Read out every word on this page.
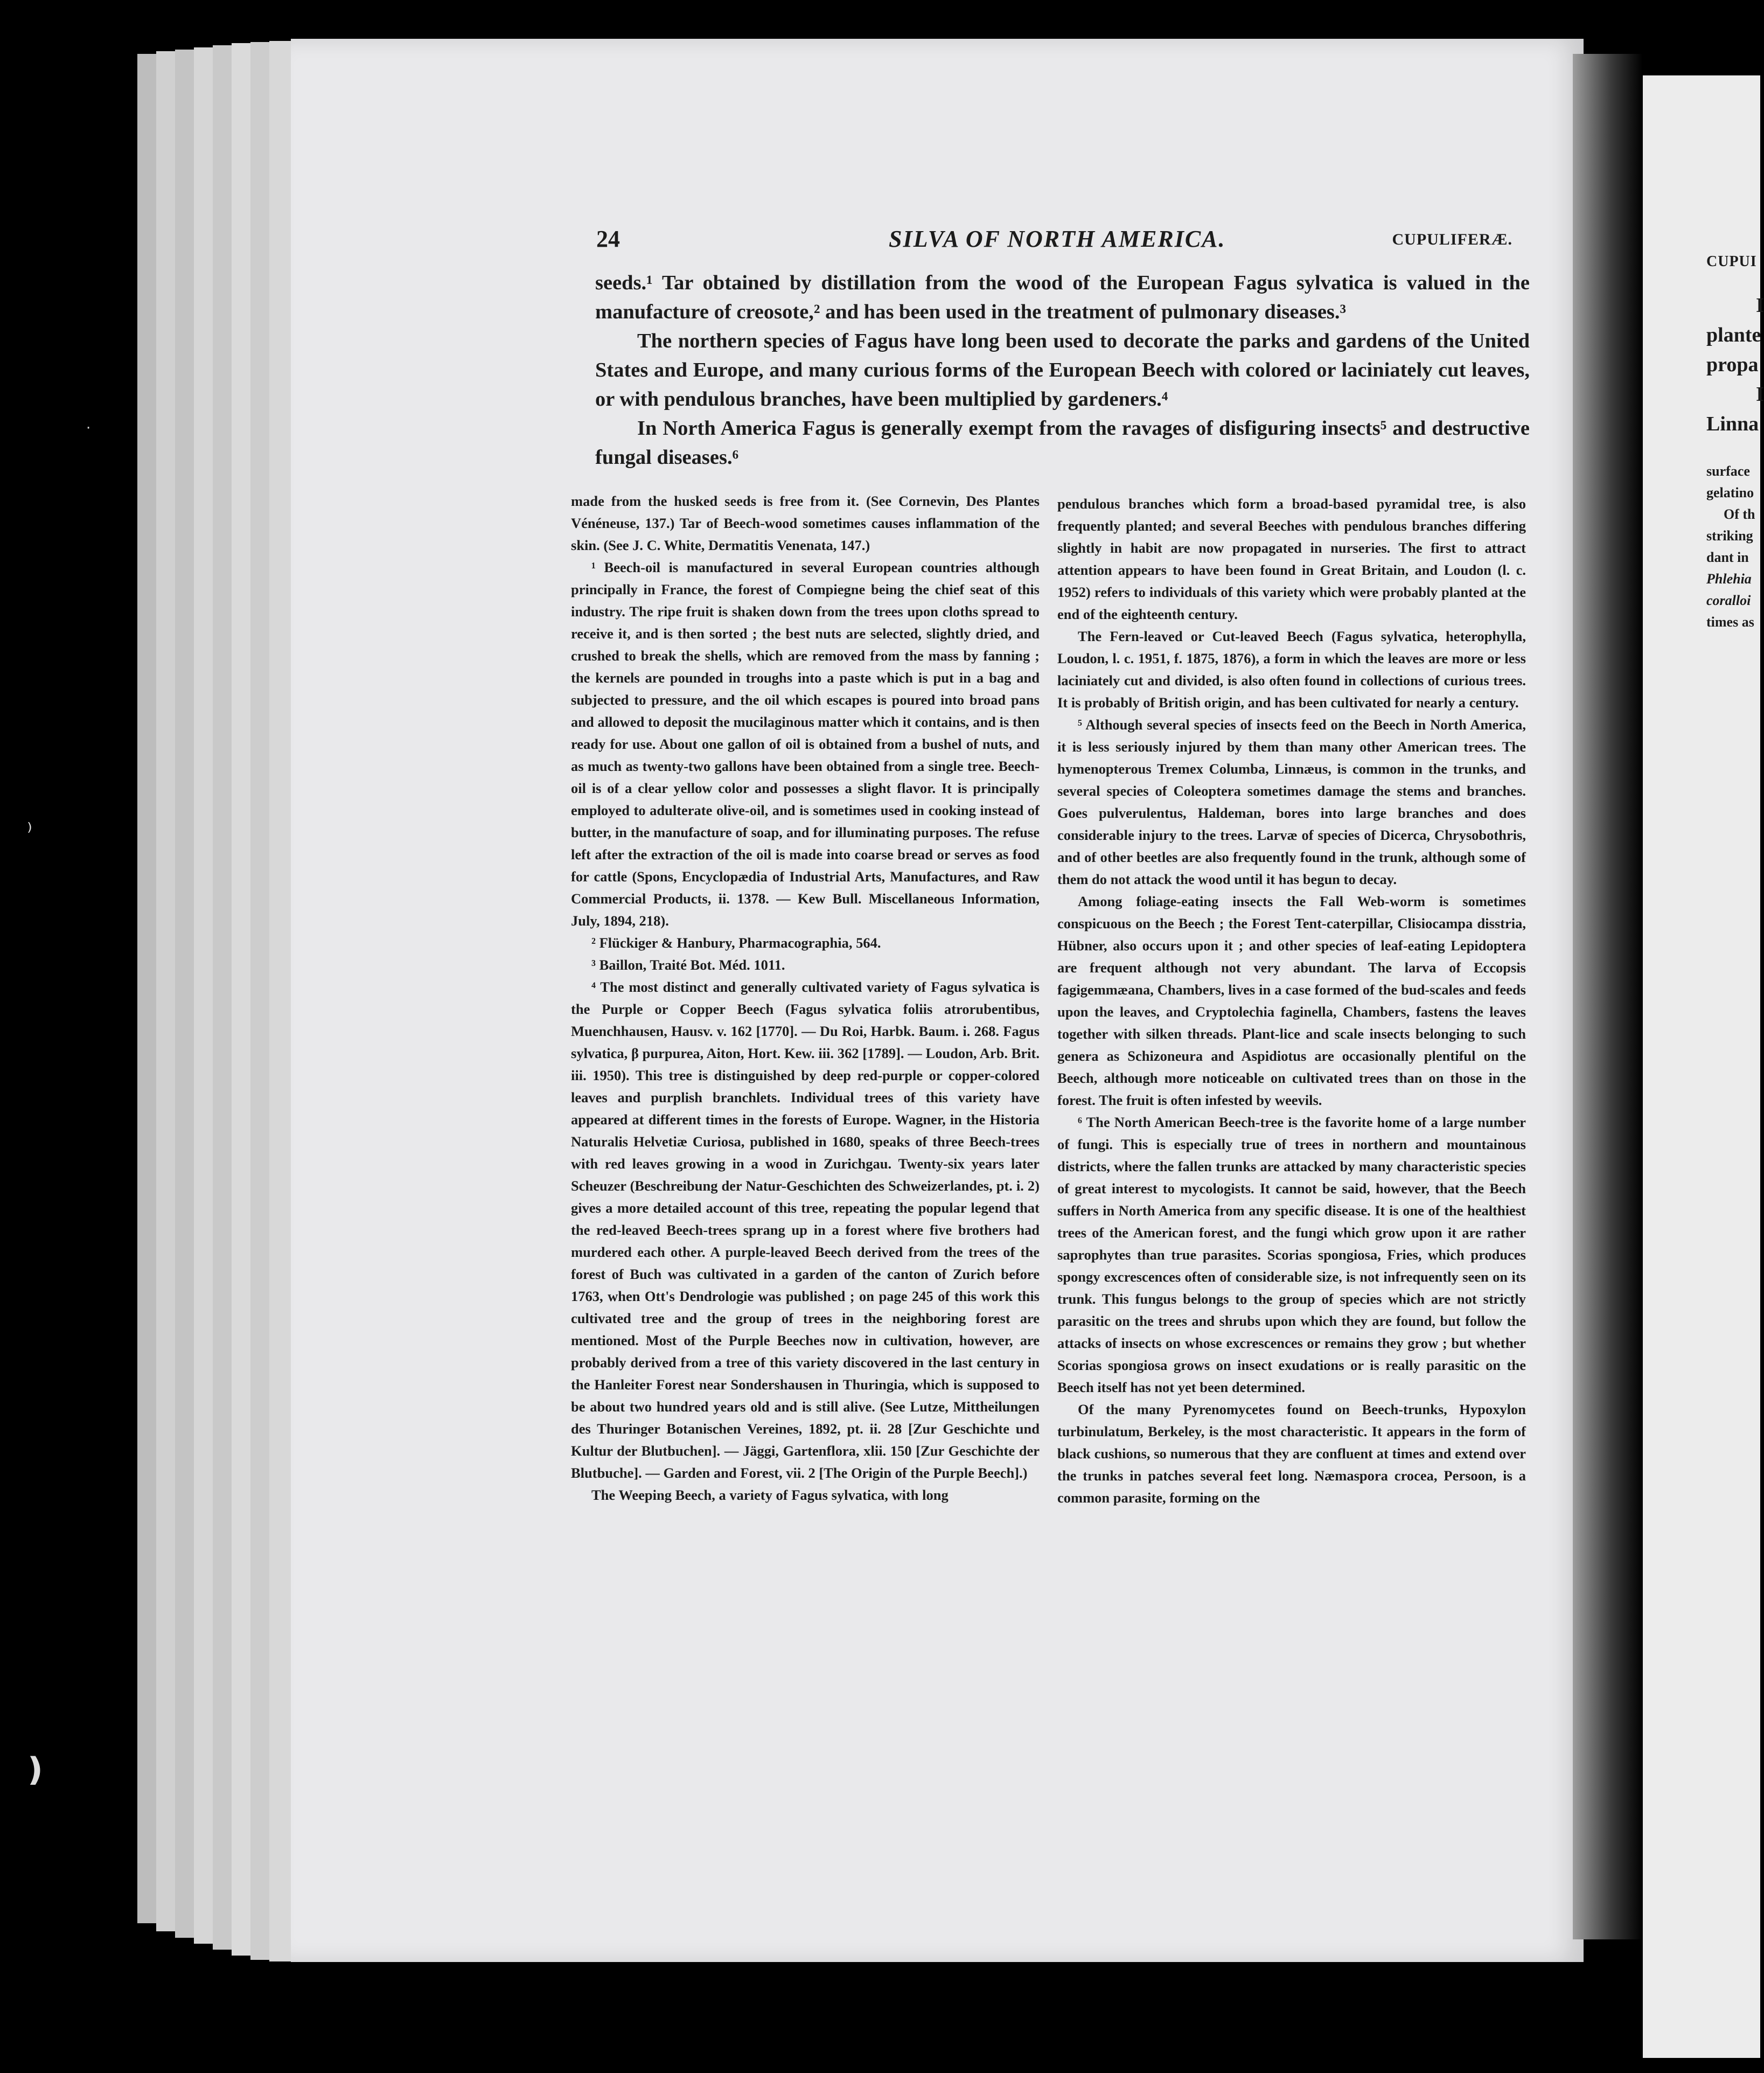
⁾
❫
·
24	SILVA OF NORTH AMERICA.	CUPULIFERÆ.

seeds.¹ Tar obtained by distillation from the wood of the European Fagus sylvatica is valued in the manufacture of creosote,² and has been used in the treatment of pulmonary diseases.³

The northern species of Fagus have long been used to decorate the parks and gardens of the United States and Europe, and many curious forms of the European Beech with colored or laciniately cut leaves, or with pendulous branches, have been multiplied by gardeners.⁴

In North America Fagus is generally exempt from the ravages of disfiguring insects⁵ and destructive fungal diseases.⁶

made from the husked seeds is free from it. (See Cornevin, Des Plantes Vénéneuse, 137.) Tar of Beech-wood sometimes causes inflammation of the skin. (See J. C. White, Dermatitis Venenata, 147.)

¹ Beech-oil is manufactured in several European countries although principally in France, the forest of Compiegne being the chief seat of this industry. The ripe fruit is shaken down from the trees upon cloths spread to receive it, and is then sorted ; the best nuts are selected, slightly dried, and crushed to break the shells, which are removed from the mass by fanning ; the kernels are pounded in troughs into a paste which is put in a bag and subjected to pressure, and the oil which escapes is poured into broad pans and allowed to deposit the mucilaginous matter which it contains, and is then ready for use. About one gallon of oil is obtained from a bushel of nuts, and as much as twenty-two gallons have been obtained from a single tree. Beech-oil is of a clear yellow color and possesses a slight flavor. It is principally employed to adulterate olive-oil, and is sometimes used in cooking instead of butter, in the manufacture of soap, and for illuminating purposes. The refuse left after the extraction of the oil is made into coarse bread or serves as food for cattle (Spons, Encyclopædia of Industrial Arts, Manufactures, and Raw Commercial Products, ii. 1378. — Kew Bull. Miscellaneous Information, July, 1894, 218).

² Flückiger & Hanbury, Pharmacographia, 564.

³ Baillon, Traité Bot. Méd. 1011.

⁴ The most distinct and generally cultivated variety of Fagus sylvatica is the Purple or Copper Beech (Fagus sylvatica foliis atrorubentibus, Muenchhausen, Hausv. v. 162 [1770]. — Du Roi, Harbk. Baum. i. 268. Fagus sylvatica, β purpurea, Aiton, Hort. Kew. iii. 362 [1789]. — Loudon, Arb. Brit. iii. 1950). This tree is distinguished by deep red-purple or copper-colored leaves and purplish branchlets. Individual trees of this variety have appeared at different times in the forests of Europe. Wagner, in the Historia Naturalis Helvetiæ Curiosa, published in 1680, speaks of three Beech-trees with red leaves growing in a wood in Zurichgau. Twenty-six years later Scheuzer (Beschreibung der Natur-Geschichten des Schweizerlandes, pt. i. 2) gives a more detailed account of this tree, repeating the popular legend that the red-leaved Beech-trees sprang up in a forest where five brothers had murdered each other. A purple-leaved Beech derived from the trees of the forest of Buch was cultivated in a garden of the canton of Zurich before 1763, when Ott's Dendrologie was published ; on page 245 of this work this cultivated tree and the group of trees in the neighboring forest are mentioned. Most of the Purple Beeches now in cultivation, however, are probably derived from a tree of this variety discovered in the last century in the Hanleiter Forest near Sondershausen in Thuringia, which is supposed to be about two hundred years old and is still alive. (See Lutze, Mittheilungen des Thuringer Botanischen Vereines, 1892, pt. ii. 28 [Zur Geschichte und Kultur der Blutbuchen]. — Jäggi, Gartenflora, xlii. 150 [Zur Geschichte der Blutbuche]. — Garden and Forest, vii. 2 [The Origin of the Purple Beech].)

The Weeping Beech, a variety of Fagus sylvatica, with long

pendulous branches which form a broad-based pyramidal tree, is also frequently planted; and several Beeches with pendulous branches differing slightly in habit are now propagated in nurseries. The first to attract attention appears to have been found in Great Britain, and Loudon (l. c. 1952) refers to individuals of this variety which were probably planted at the end of the eighteenth century.

The Fern-leaved or Cut-leaved Beech (Fagus sylvatica, heterophylla, Loudon, l. c. 1951, f. 1875, 1876), a form in which the leaves are more or less laciniately cut and divided, is also often found in collections of curious trees. It is probably of British origin, and has been cultivated for nearly a century.

⁵ Although several species of insects feed on the Beech in North America, it is less seriously injured by them than many other American trees. The hymenopterous Tremex Columba, Linnæus, is common in the trunks, and several species of Coleoptera sometimes damage the stems and branches. Goes pulverulentus, Haldeman, bores into large branches and does considerable injury to the trees. Larvæ of species of Dicerca, Chrysobothris, and of other beetles are also frequently found in the trunk, although some of them do not attack the wood until it has begun to decay.

Among foliage-eating insects the Fall Web-worm is sometimes conspicuous on the Beech ; the Forest Tent-caterpillar, Clisiocampa disstria, Hübner, also occurs upon it ; and other species of leaf-eating Lepidoptera are frequent although not very abundant. The larva of Eccopsis fagigemmæana, Chambers, lives in a case formed of the bud-scales and feeds upon the leaves, and Cryptolechia faginella, Chambers, fastens the leaves together with silken threads. Plant-lice and scale insects belonging to such genera as Schizoneura and Aspidiotus are occasionally plentiful on the Beech, although more noticeable on cultivated trees than on those in the forest. The fruit is often infested by weevils.

⁶ The North American Beech-tree is the favorite home of a large number of fungi. This is especially true of trees in northern and mountainous districts, where the fallen trunks are attacked by many characteristic species of great interest to mycologists. It cannot be said, however, that the Beech suffers in North America from any specific disease. It is one of the healthiest trees of the American forest, and the fungi which grow upon it are rather saprophytes than true parasites. Scorias spongiosa, Fries, which produces spongy excrescences often of considerable size, is not infrequently seen on its trunk. This fungus belongs to the group of species which are not strictly parasitic on the trees and shrubs upon which they are found, but follow the attacks of insects on whose excrescences or remains they grow ; but whether Scorias spongiosa grows on insect exudations or is really parasitic on the Beech itself has not yet been determined.

Of the many Pyrenomycetes found on Beech-trunks, Hypoxylon turbinulatum, Berkeley, is the most characteristic. It appears in the form of black cushions, so numerous that they are confluent at times and extend over the trunks in patches several feet long. Næmaspora crocea, Persoon, is a common parasite, forming on the

CUPUI
I
plante
propa
I
Linna
surface
gelatino
Of th
striking
dant in
Phlehia
coralloi
times as
